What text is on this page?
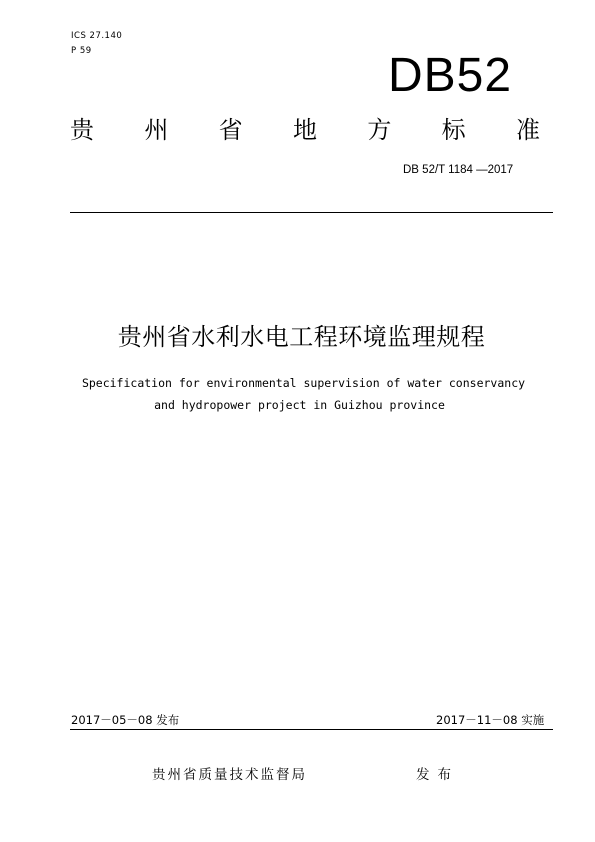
ICS 27.140
P 59	DB52
贵 州 省 地 方 标 准
DB 52/T 1184 —2017
贵州省水利水电工程环境监理规程
Specification for environmental supervision of water conservancy
and hydropower project in Guizhou province
2017－05－08 发布	2017－11－08 实施
贵州省质量技术监督局	发布
